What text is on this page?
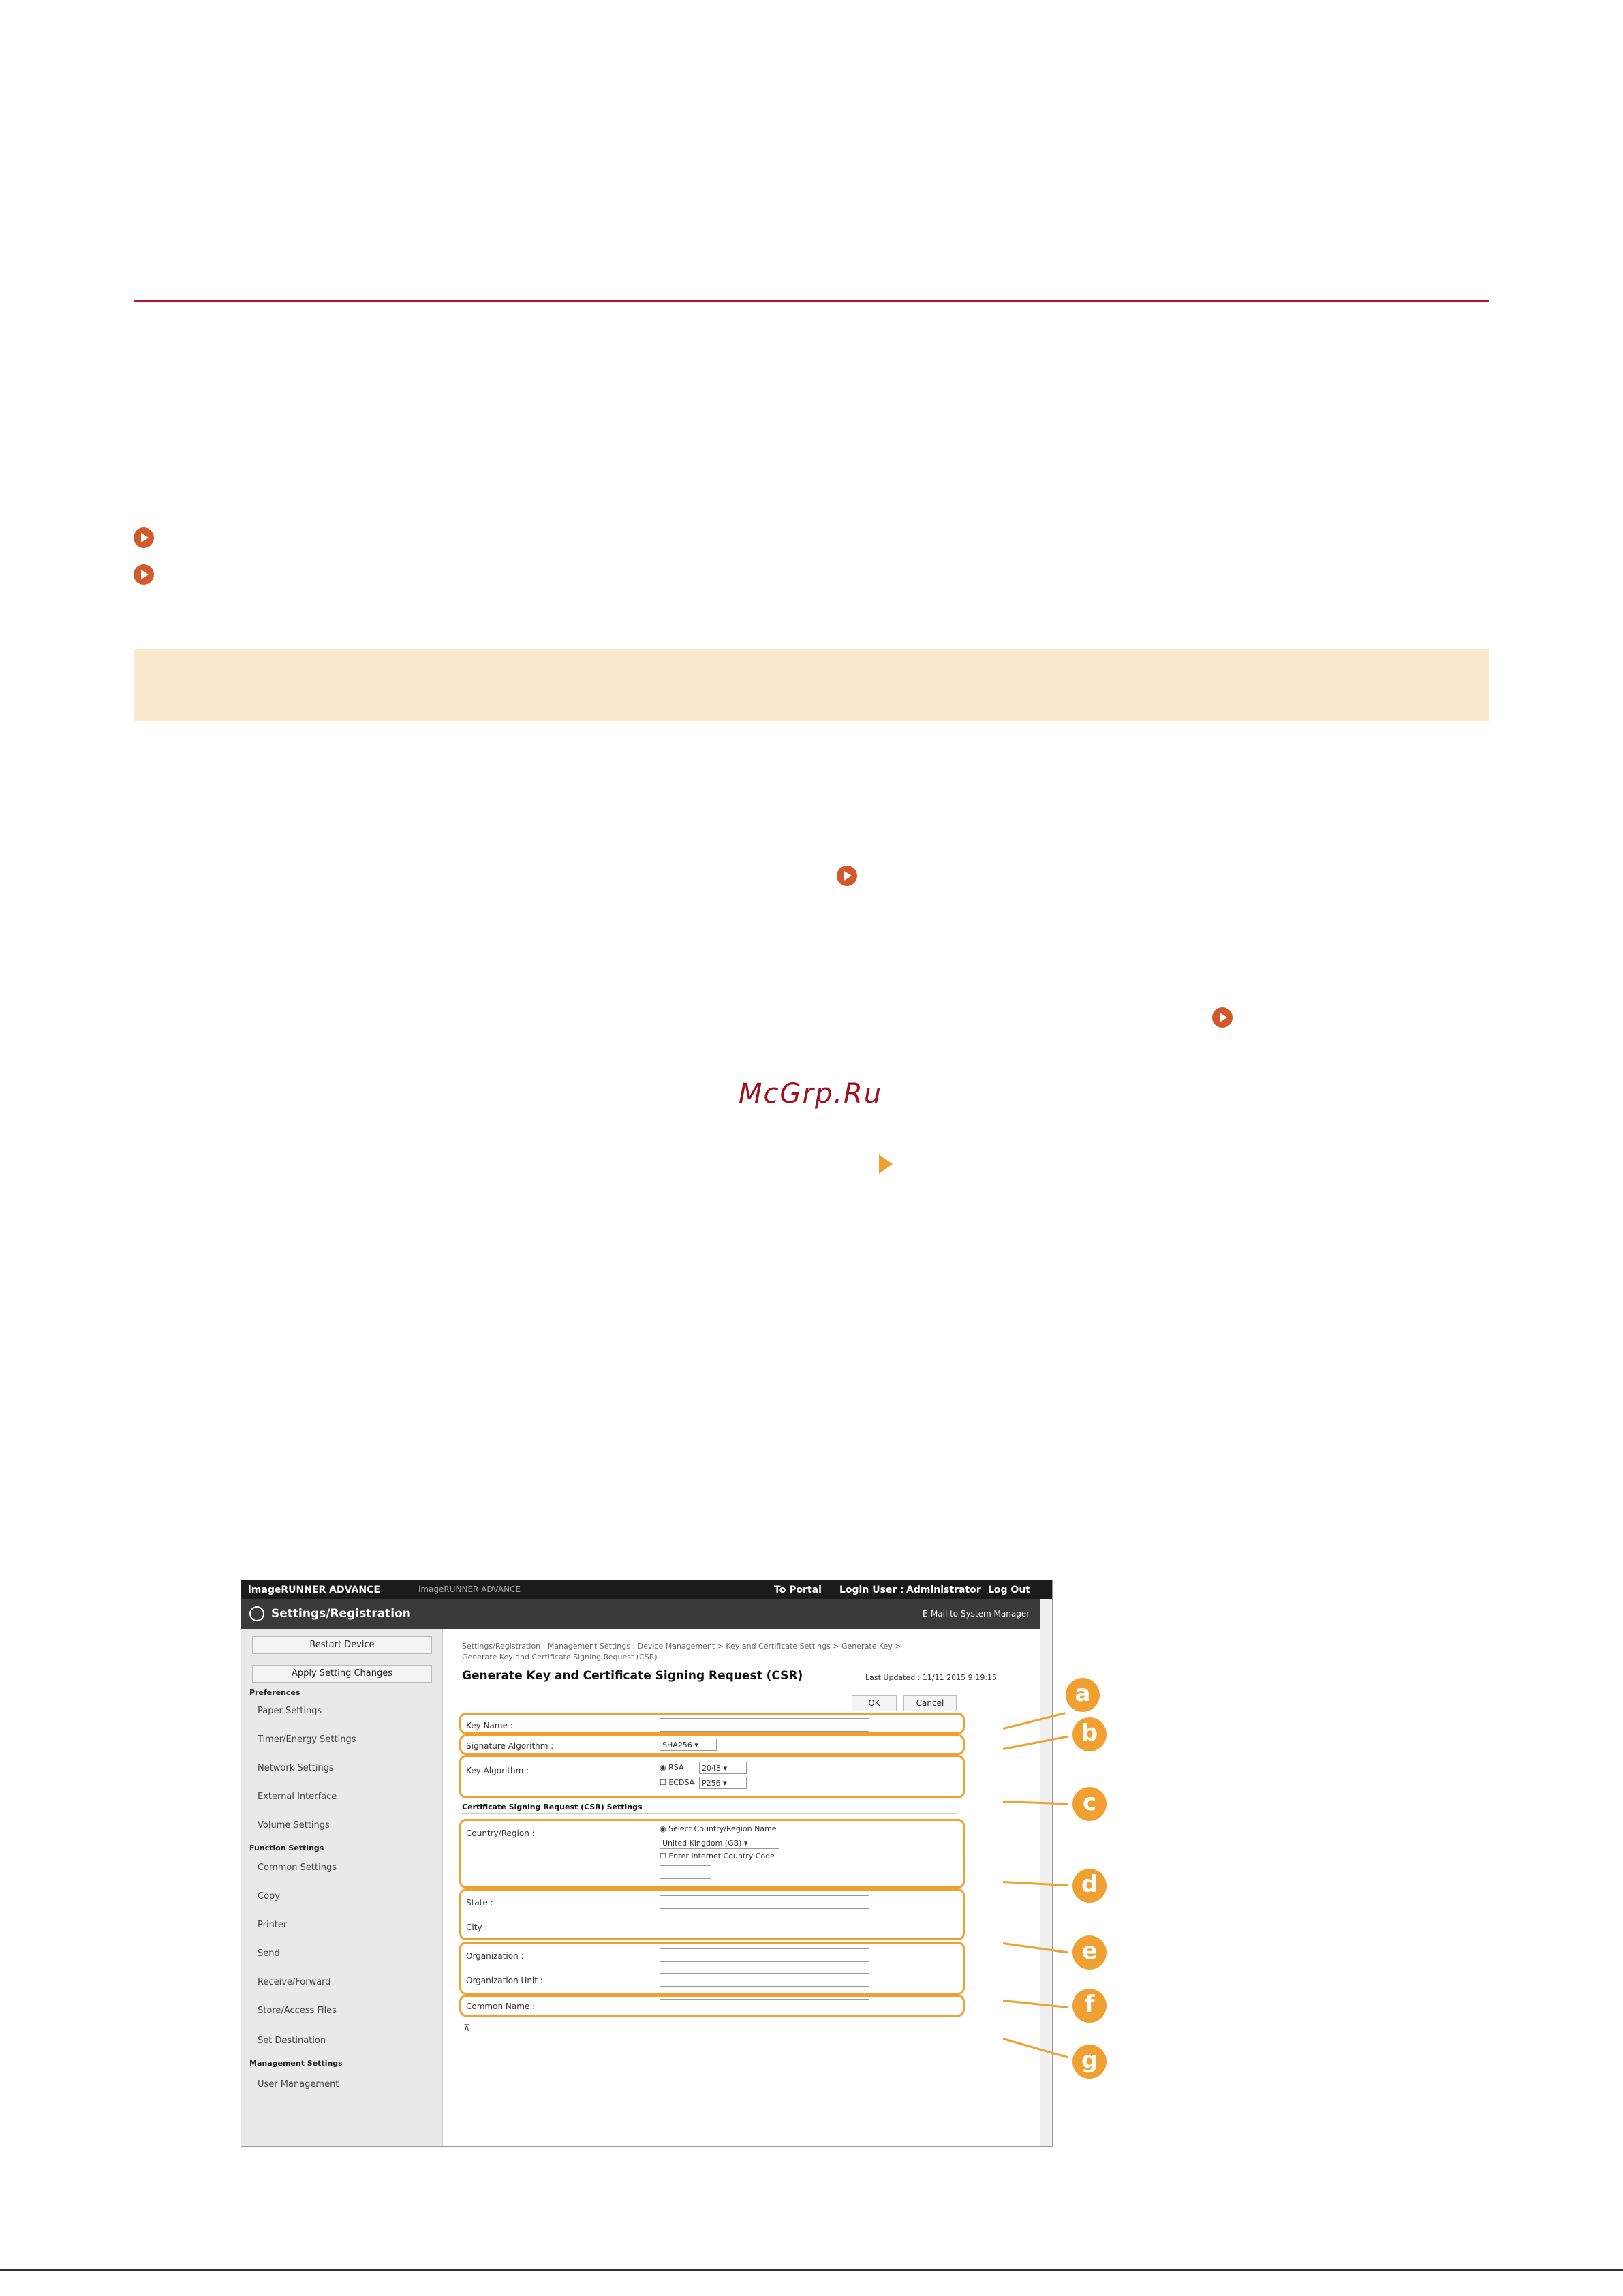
McGrp.Ru
imageRUNNER ADVANCE	imageRUNNER ADVANCE	To Portal Login User : Administrator Log Out
Settings/Registration	E-Mail to System Manager
Restart Device
Apply Setting Changes
Preferences
Paper Settings
Timer/Energy Settings
Network Settings
External Interface
Volume Settings
Function Settings
Common Settings
Copy
Printer
Send
Receive/Forward
Store/Access Files
Set Destination
Management Settings
User Management
Settings/Registration : Management Settings : Device Management > Key and Certificate Settings > Generate Key >
Generate Key and Certificate Signing Request (CSR)
Generate Key and Certificate Signing Request (CSR)	Last Updated : 11/11 2015 9:19:15
OK	Cancel
Key Name :
Signature Algorithm :	SHA256 ▾
Key Algorithm :	◉ RSA	2048 ▾
☐ ECDSA P256 ▾
Certificate Signing Request (CSR) Settings
Country/Region :	◉ Select Country/Region Name
United Kingdom (GB) ▾
☐ Enter Internet Country Code
State :
City :
Organization :
Organization Unit :
Common Name :
⊼
a
b
c
d
e
f
g
